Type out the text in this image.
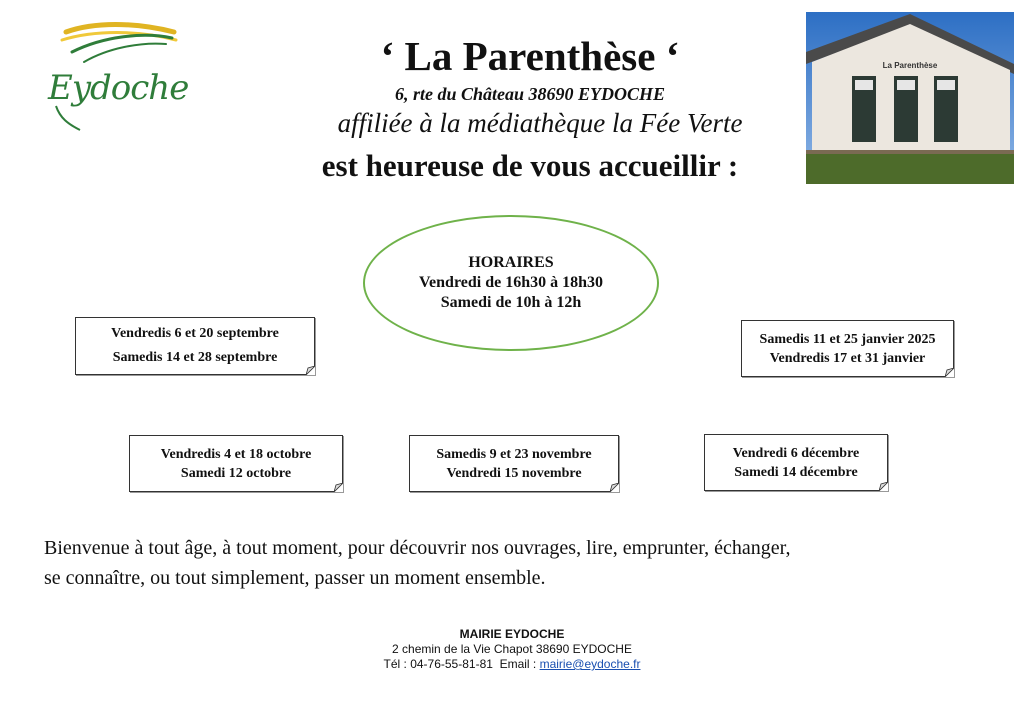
Eydoche
‘ La Parenthèse ‘
6, rte du Château 38690 EYDOCHE
affiliée à la médiathèque la Fée Verte
est heureuse de vous accueillir :
La Parenthèse
HORAIRES
Vendredi de 16h30 à 18h30
Samedi de 10h à 12h
Vendredis 6 et 20 septembre
Samedis 14 et 28 septembre
Samedis 11 et 25 janvier 2025
Vendredis 17 et 31 janvier
Vendredis 4 et 18 octobre
Samedi 12 octobre
Samedis 9 et 23 novembre
Vendredi 15 novembre
Vendredi 6 décembre
Samedi 14 décembre
Bienvenue à tout âge, à tout moment, pour découvrir nos ouvrages, lire, emprunter, échanger,
se connaître, ou tout simplement, passer un moment ensemble.
MAIRIE EYDOCHE
2 chemin de la Vie Chapot 38690 EYDOCHE
Tél : 04-76-55-81-81  Email : mairie@eydoche.fr
